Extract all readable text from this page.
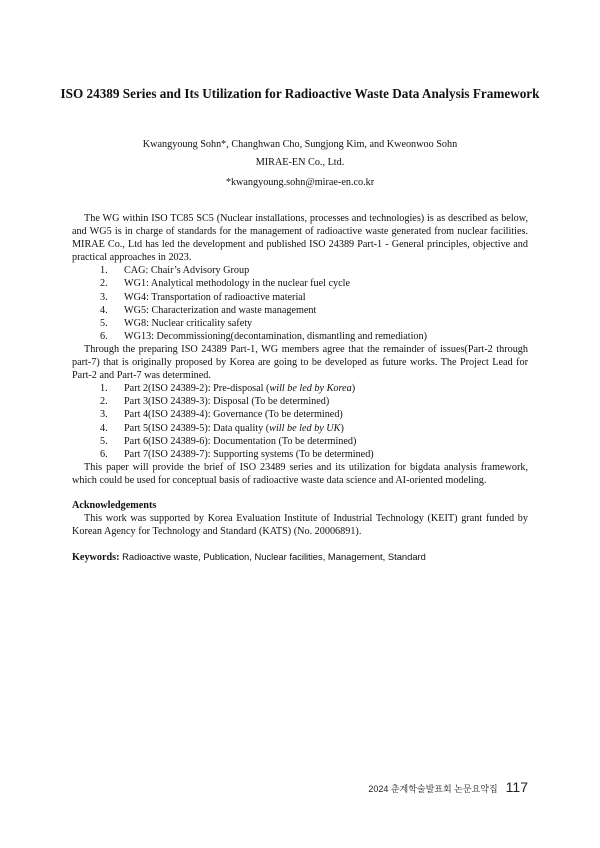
ISO 24389 Series and Its Utilization for Radioactive Waste Data Analysis Framework
Kwangyoung Sohn*, Changhwan Cho, Sungjong Kim, and Kweonwoo Sohn
MIRAE-EN Co., Ltd.
*kwangyoung.sohn@mirae-en.co.kr

The WG within ISO TC85 SC5 (Nuclear installations, processes and technologies) is as described as below, and WG5 is in charge of standards for the management of radioactive waste generated from nuclear facilities. MIRAE Co., Ltd has led the development and published ISO 24389 Part-1 - General principles, objective and practical approaches in 2023.

1. CAG: Chair’s Advisory Group
2. WG1: Analytical methodology in the nuclear fuel cycle
3. WG4: Transportation of radioactive material
4. WG5: Characterization and waste management
5. WG8: Nuclear criticality safety
6. WG13: Decommissioning(decontamination, dismantling and remediation)

Through the preparing ISO 24389 Part-1, WG members agree that the remainder of issues(Part-2 through part-7) that is originally proposed by Korea are going to be developed as future works. The Project Lead for Part-2 and Part-7 was determined.

1. Part 2(ISO 24389-2): Pre-disposal (will be led by Korea)
2. Part 3(ISO 24389-3): Disposal (To be determined)
3. Part 4(ISO 24389-4): Governance (To be determined)
4. Part 5(ISO 24389-5): Data quality (will be led by UK)
5. Part 6(ISO 24389-6): Documentation (To be determined)
6. Part 7(ISO 24389-7): Supporting systems (To be determined)

This paper will provide the brief of ISO 23489 series and its utilization for bigdata analysis framework, which could be used for conceptual basis of radioactive waste data science and AI-oriented modeling.

Acknowledgements

This work was supported by Korea Evaluation Institute of Industrial Technology (KEIT) grant funded by Korean Agency for Technology and Standard (KATS) (No. 20006891).

Keywords: Radioactive waste, Publication, Nuclear facilities, Management, Standard
2024 춘계학술발표회 논문요약집 117
